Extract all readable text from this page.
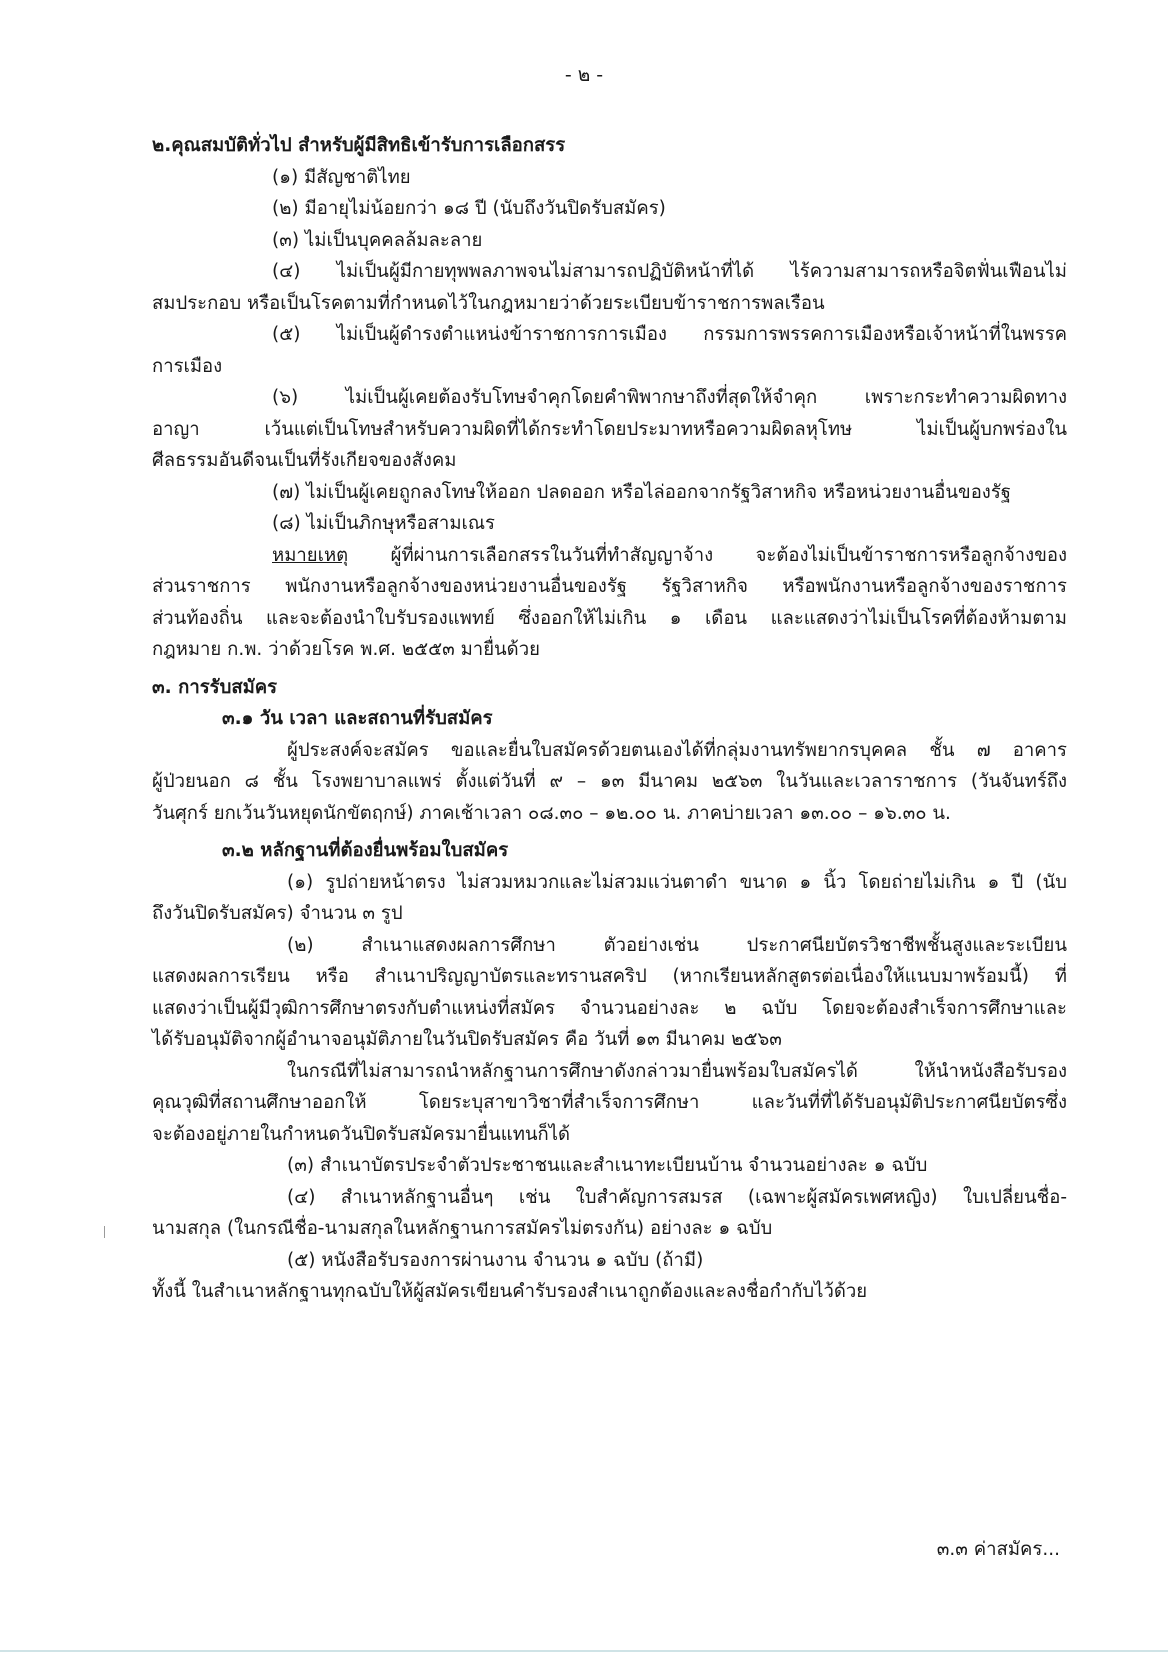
- ๒ -
๒.คุณสมบัติทั่วไป สำหรับผู้มีสิทธิเข้ารับการเลือกสรร
(๑) มีสัญชาติไทย
(๒) มีอายุไม่น้อยกว่า ๑๘ ปี (นับถึงวันปิดรับสมัคร)
(๓) ไม่เป็นบุคคลล้มละลาย
(๔) ไม่เป็นผู้มีกายทุพพลภาพจนไม่สามารถปฏิบัติหน้าที่ได้ ไร้ความสามารถหรือจิตฟั่นเฟือนไม่
สมประกอบ หรือเป็นโรคตามที่กำหนดไว้ในกฎหมายว่าด้วยระเบียบข้าราชการพลเรือน
(๕) ไม่เป็นผู้ดำรงตำแหน่งข้าราชการการเมือง กรรมการพรรคการเมืองหรือเจ้าหน้าที่ในพรรค
การเมือง
(๖) ไม่เป็นผู้เคยต้องรับโทษจำคุกโดยคำพิพากษาถึงที่สุดให้จำคุก เพราะกระทำความผิดทาง
อาญา เว้นแต่เป็นโทษสำหรับความผิดที่ได้กระทำโดยประมาทหรือความผิดลหุโทษ ไม่เป็นผู้บกพร่องใน
ศีลธรรมอันดีจนเป็นที่รังเกียจของสังคม
(๗) ไม่เป็นผู้เคยถูกลงโทษให้ออก ปลดออก หรือไล่ออกจากรัฐวิสาหกิจ หรือหน่วยงานอื่นของรัฐ
(๘) ไม่เป็นภิกษุหรือสามเณร
หมายเหตุ ผู้ที่ผ่านการเลือกสรรในวันที่ทำสัญญาจ้าง จะต้องไม่เป็นข้าราชการหรือลูกจ้างของ
ส่วนราชการ พนักงานหรือลูกจ้างของหน่วยงานอื่นของรัฐ รัฐวิสาหกิจ หรือพนักงานหรือลูกจ้างของราชการ
ส่วนท้องถิ่น และจะต้องนำใบรับรองแพทย์ ซึ่งออกให้ไม่เกิน ๑ เดือน และแสดงว่าไม่เป็นโรคที่ต้องห้ามตาม
กฎหมาย ก.พ. ว่าด้วยโรค พ.ศ. ๒๕๕๓ มายื่นด้วย
๓. การรับสมัคร
๓.๑ วัน เวลา และสถานที่รับสมัคร
ผู้ประสงค์จะสมัคร ขอและยื่นใบสมัครด้วยตนเองได้ที่กลุ่มงานทรัพยากรบุคคล ชั้น ๗ อาคาร
ผู้ป่วยนอก ๘ ชั้น โรงพยาบาลแพร่ ตั้งแต่วันที่ ๙ – ๑๓ มีนาคม ๒๕๖๓ ในวันและเวลาราชการ (วันจันทร์ถึง
วันศุกร์ ยกเว้นวันหยุดนักขัตฤกษ์) ภาคเช้าเวลา ๐๘.๓๐ – ๑๒.๐๐ น. ภาคบ่ายเวลา ๑๓.๐๐ – ๑๖.๓๐ น.
๓.๒ หลักฐานที่ต้องยื่นพร้อมใบสมัคร
(๑) รูปถ่ายหน้าตรง ไม่สวมหมวกและไม่สวมแว่นตาดำ ขนาด ๑ นิ้ว โดยถ่ายไม่เกิน ๑ ปี (นับ
ถึงวันปิดรับสมัคร) จำนวน ๓ รูป
(๒) สำเนาแสดงผลการศึกษา ตัวอย่างเช่น ประกาศนียบัตรวิชาชีพชั้นสูงและระเบียน
แสดงผลการเรียน หรือ สำเนาปริญญาบัตรและทรานสคริป (หากเรียนหลักสูตรต่อเนื่องให้แนบมาพร้อมนี้) ที่
แสดงว่าเป็นผู้มีวุฒิการศึกษาตรงกับตำแหน่งที่สมัคร จำนวนอย่างละ ๒ ฉบับ โดยจะต้องสำเร็จการศึกษาและ
ได้รับอนุมัติจากผู้อำนาจอนุมัติภายในวันปิดรับสมัคร คือ วันที่ ๑๓ มีนาคม ๒๕๖๓
ในกรณีที่ไม่สามารถนำหลักฐานการศึกษาดังกล่าวมายื่นพร้อมใบสมัครได้ ให้นำหนังสือรับรอง
คุณวุฒิที่สถานศึกษาออกให้ โดยระบุสาขาวิชาที่สำเร็จการศึกษา และวันที่ที่ได้รับอนุมัติประกาศนียบัตรซึ่ง
จะต้องอยู่ภายในกำหนดวันปิดรับสมัครมายื่นแทนก็ได้
(๓) สำเนาบัตรประจำตัวประชาชนและสำเนาทะเบียนบ้าน จำนวนอย่างละ ๑ ฉบับ
(๔) สำเนาหลักฐานอื่นๆ เช่น ใบสำคัญการสมรส (เฉพาะผู้สมัครเพศหญิง) ใบเปลี่ยนชื่อ-
นามสกุล (ในกรณีชื่อ-นามสกุลในหลักฐานการสมัครไม่ตรงกัน) อย่างละ ๑ ฉบับ
(๕) หนังสือรับรองการผ่านงาน จำนวน ๑ ฉบับ (ถ้ามี)
ทั้งนี้ ในสำเนาหลักฐานทุกฉบับให้ผู้สมัครเขียนคำรับรองสำเนาถูกต้องและลงชื่อกำกับไว้ด้วย
๓.๓ ค่าสมัคร...
